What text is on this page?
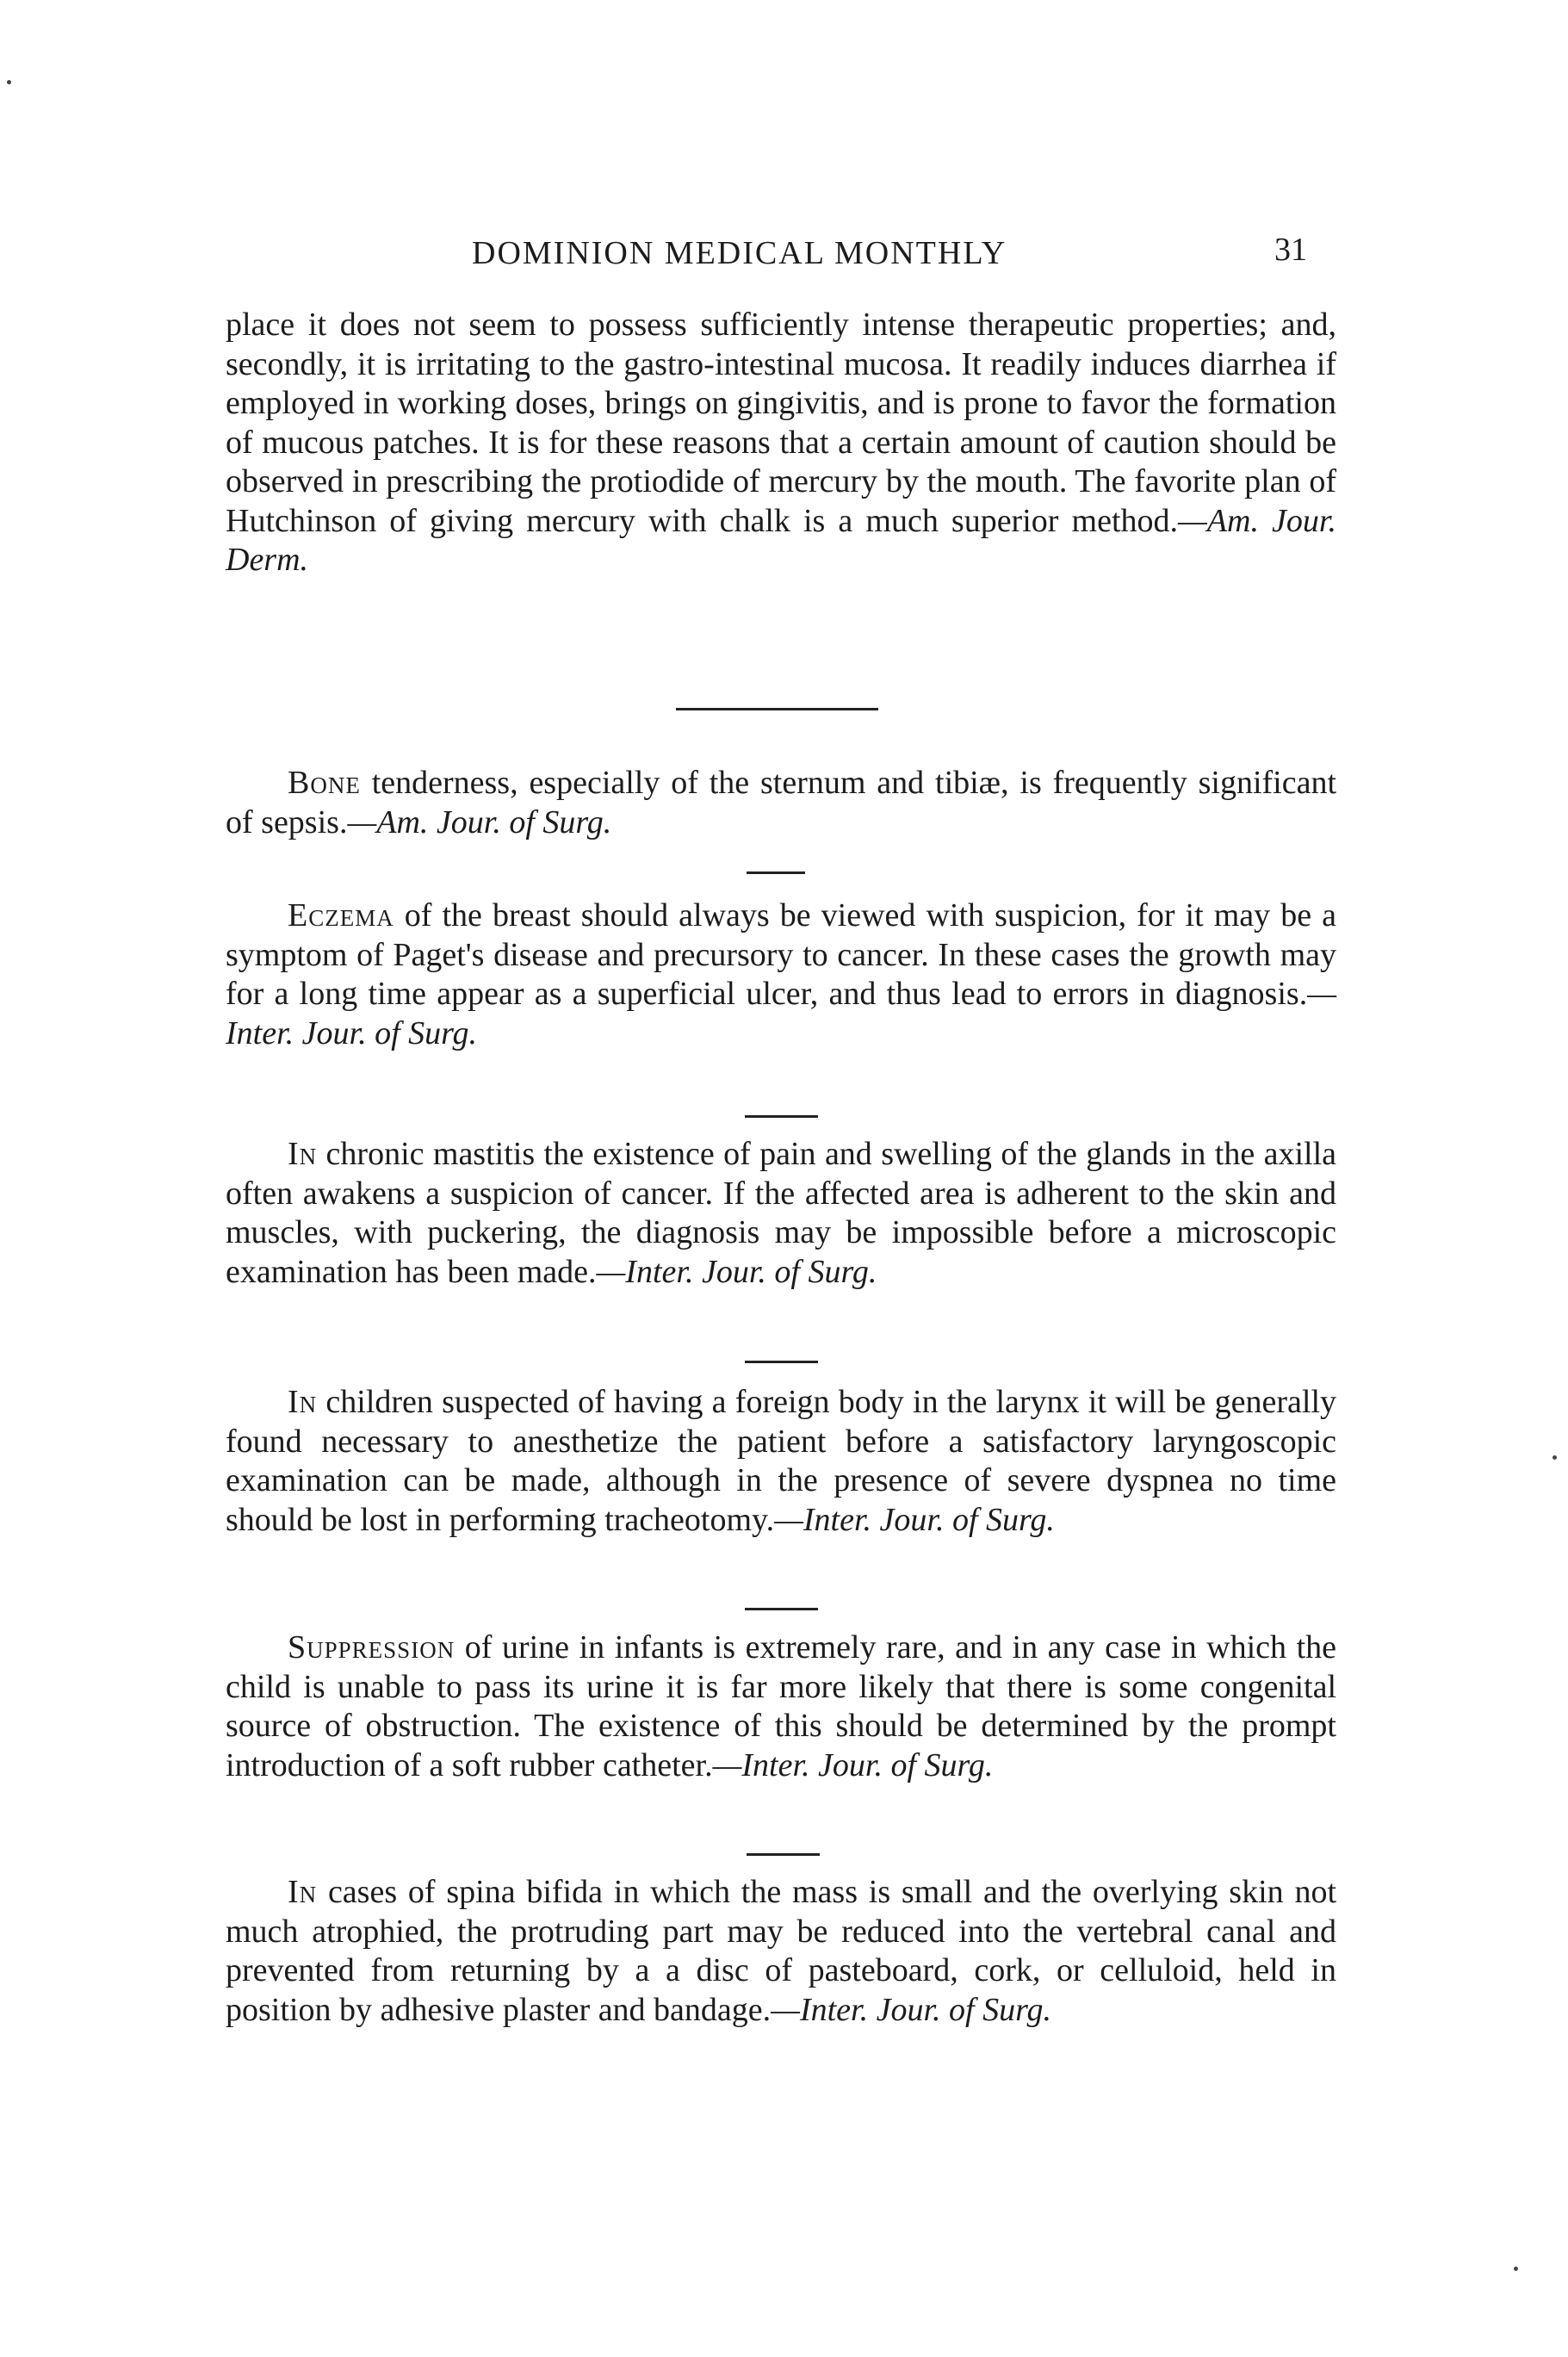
DOMINION MEDICAL MONTHLY	31

place it does not seem to possess sufficiently intense therapeutic properties; and, secondly, it is irritating to the gastro-intestinal mucosa. It readily induces diarrhea if employed in working doses, brings on gingivitis, and is prone to favor the formation of mucous patches. It is for these reasons that a certain amount of caution should be observed in prescribing the protiodide of mercury by the mouth. The favorite plan of Hutchinson of giving mercury with chalk is a much superior method.—Am. Jour. Derm.

Bone tenderness, especially of the sternum and tibiæ, is frequently significant of sepsis.—Am. Jour. of Surg.

Eczema of the breast should always be viewed with suspicion, for it may be a symptom of Paget's disease and precursory to cancer. In these cases the growth may for a long time appear as a superficial ulcer, and thus lead to errors in diagnosis.—Inter. Jour. of Surg.

In chronic mastitis the existence of pain and swelling of the glands in the axilla often awakens a suspicion of cancer. If the affected area is adherent to the skin and muscles, with puckering, the diagnosis may be impossible before a microscopic examination has been made.—Inter. Jour. of Surg.

In children suspected of having a foreign body in the larynx it will be generally found necessary to anesthetize the patient before a satisfactory laryngoscopic examination can be made, although in the presence of severe dyspnea no time should be lost in performing tracheotomy.—Inter. Jour. of Surg.

Suppression of urine in infants is extremely rare, and in any case in which the child is unable to pass its urine it is far more likely that there is some congenital source of obstruction. The existence of this should be determined by the prompt introduction of a soft rubber catheter.—Inter. Jour. of Surg.

In cases of spina bifida in which the mass is small and the overlying skin not much atrophied, the protruding part may be reduced into the vertebral canal and prevented from returning by a a disc of pasteboard, cork, or celluloid, held in position by adhesive plaster and bandage.—Inter. Jour. of Surg.
